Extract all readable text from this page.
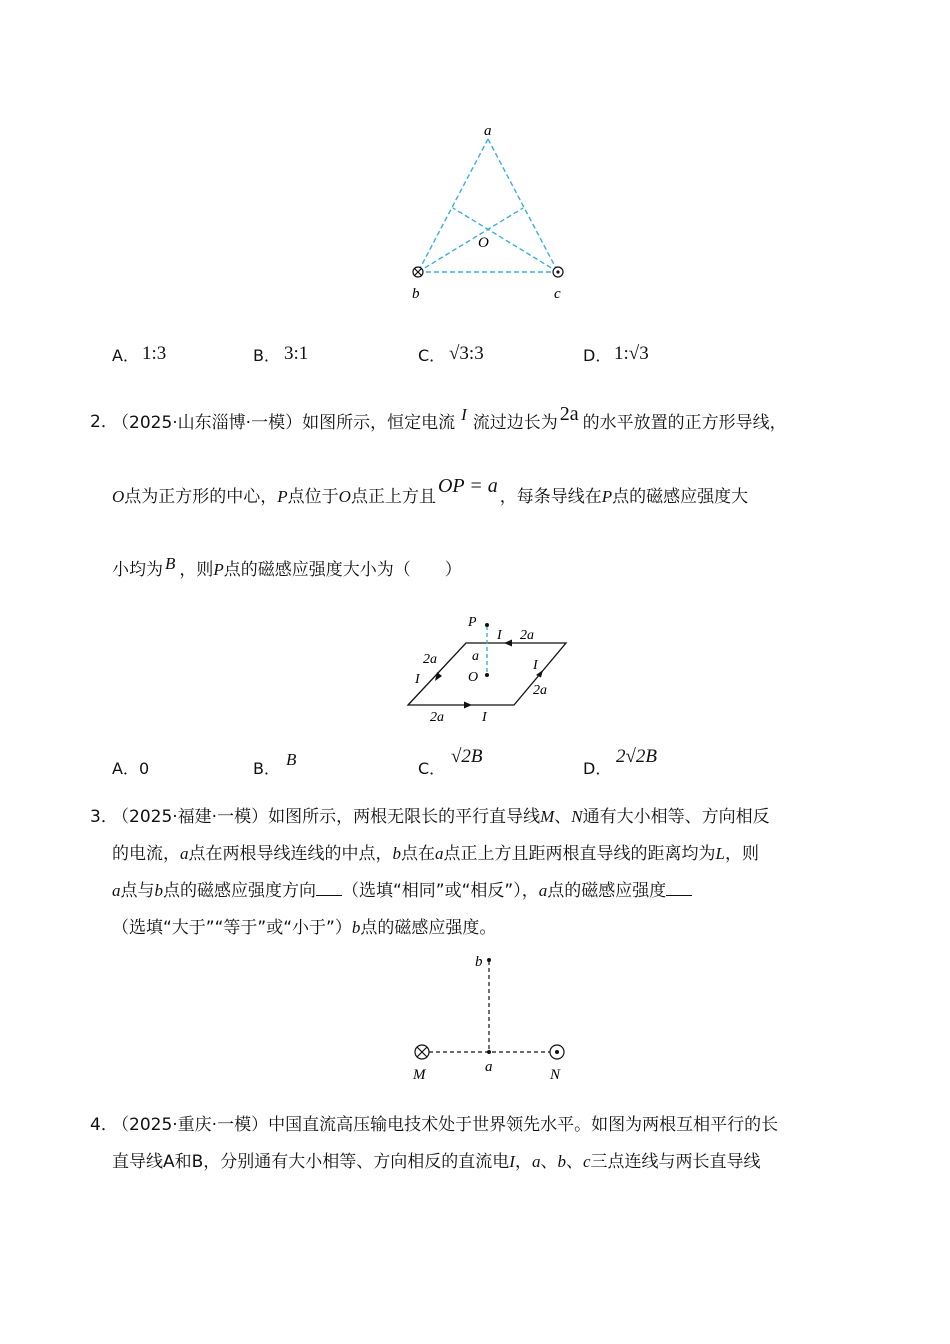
a
O
b	c
A． 1:3	B． 3:1	C． √3:3	D． 1:√3
2．
（2025·山东淄博·一模）如图所示，恒定电流 I 流过边长为 2a 的水平放置的正方形导线，
O点为正方形的中心，P点位于O点正上方且 OP = a ，每条导线在P点的磁感应强度大
小均为 B ，则P点的磁感应强度大小为（　　）
P
I 2a
a
O
2a
I
I
2a
2a	I
A．0	B． B	C．
√2B
D．
2√2B
3．
（2025·福建·一模）如图所示，两根无限长的平行直导线M、N通有大小相等、方向相反
的电流，a点在两根导线连线的中点，b点在a点正上方且距两根直导线的距离均为L，则
a点与b点的磁感应强度方向 （选填“相同”或“相反”），a点的磁感应强度
（选填“大于”“等于”或“小于”）b点的磁感应强度。
b
a
M	N
4．
（2025·重庆·一模）中国直流高压输电技术处于世界领先水平。如图为两根互相平行的长
直导线A和B，分别通有大小相等、方向相反的直流电I，a、b、c三点连线与两长直导线
